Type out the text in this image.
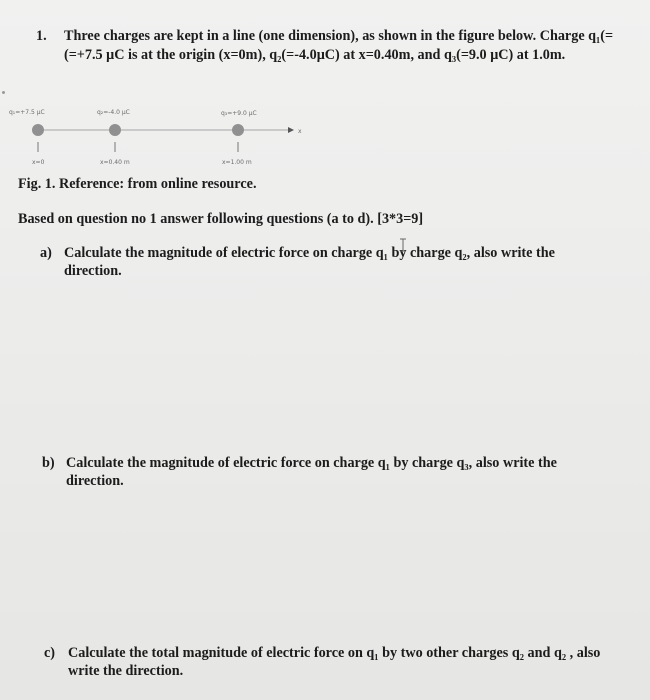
1. Three charges are kept in a line (one dimension), as shown in the figure below. Charge q₁(= (=+7.5 μC is at the origin (x=0m), q₂(=-4.0μC) at x=0.40m, and q₃(=9.0 μC) at 1.0m.
q₁=+7.5 μC	q₂=-4.0 μC	q₃=+9.0 μC
x
x=0	x=0.40 m	x=1.00 m
Fig. 1. Reference: from online resource.
Based on question no 1 answer following questions (a to d). [3*3=9]
a) Calculate the magnitude of electric force on charge q₁ by charge q₂, also write the direction.
b) Calculate the magnitude of electric force on charge q₁ by charge q₃, also write the direction.
c) Calculate the total magnitude of electric force on q₁ by two other charges q₂ and q₂ , also write the direction.
